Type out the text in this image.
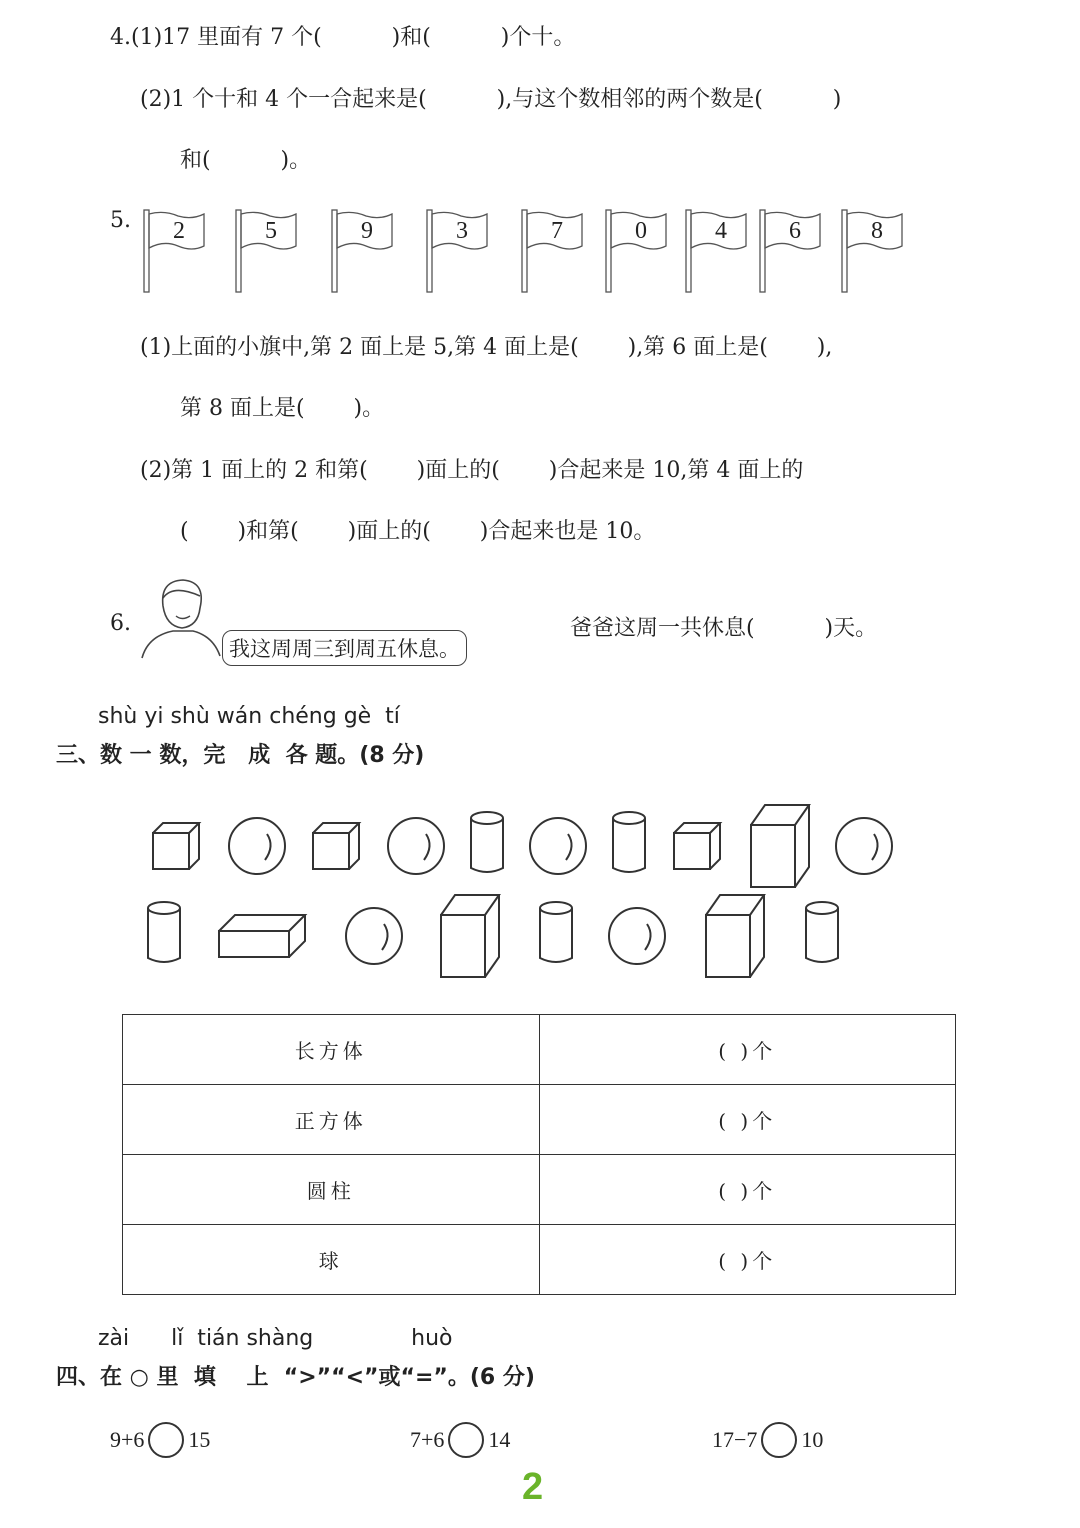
4.(1)17 里面有 7 个(          )和(          )个十。
(2)1 个十和 4 个一合起来是(          ),与这个数相邻的两个数是(          )
和(          )。
5.	2	5	9	3	7	0	4	6	8
(1)上面的小旗中,第 2 面上是 5,第 4 面上是(       ),第 6 面上是(       ),
第 8 面上是(       )。
(2)第 1 面上的 2 和第(       )面上的(       )合起来是 10,第 4 面上的
(       )和第(       )面上的(       )合起来也是 10。
6.
我这周周三到周五休息。
爸爸这周一共休息(          )天。
shù yi shù wán chéng gè  tí
三、数 一 数，完   成  各 题。(8 分)
长方体	( )个
正方体	( )个
圆柱	( )个
球	( )个
zài      lǐ  tián shàng              huò
四、在 ○ 里  填    上  “>”“<”或“=”。(6 分)
9+6 15	7+6 14	17−7 10
2
